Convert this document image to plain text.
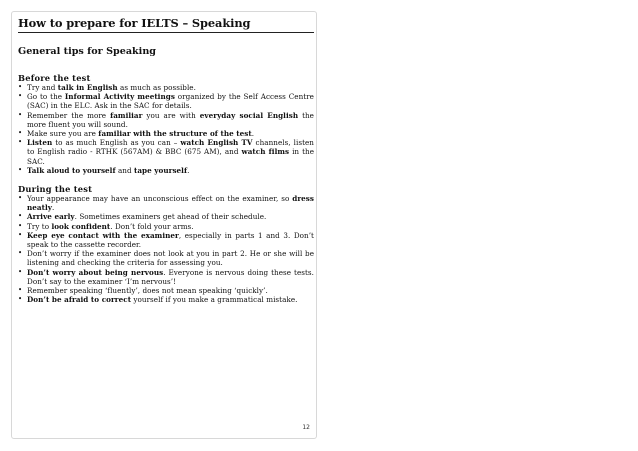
How to prepare for IELTS – Speaking
General tips for Speaking
Before the test
• Try and talk in English as much as possible.
• Go to the Informal Activity meetings organized by the Self Access Centre (SAC) in the ELC. Ask in the SAC for details.
• Remember the more familiar you are with everyday social English the more fluent you will sound.
• Make sure you are familiar with the structure of the test.
• Listen to as much English as you can – watch English TV channels, listen to English radio - RTHK (567AM) & BBC (675 AM), and watch films in the SAC.
• Talk aloud to yourself and tape yourself.
During the test
• Your appearance may have an unconscious effect on the examiner, so dress neatly.
• Arrive early. Sometimes examiners get ahead of their schedule.
• Try to look confident. Don’t fold your arms.
• Keep eye contact with the examiner, especially in parts 1 and 3. Don’t speak to the cassette recorder.
• Don’t worry if the examiner does not look at you in part 2. He or she will be listening and checking the criteria for assessing you.
• Don’t worry about being nervous. Everyone is nervous doing these tests. Don’t say to the examiner ‘I’m nervous’!
• Remember speaking ‘fluently’, does not mean speaking ‘quickly’.
• Don’t be afraid to correct yourself if you make a grammatical mistake.
12
